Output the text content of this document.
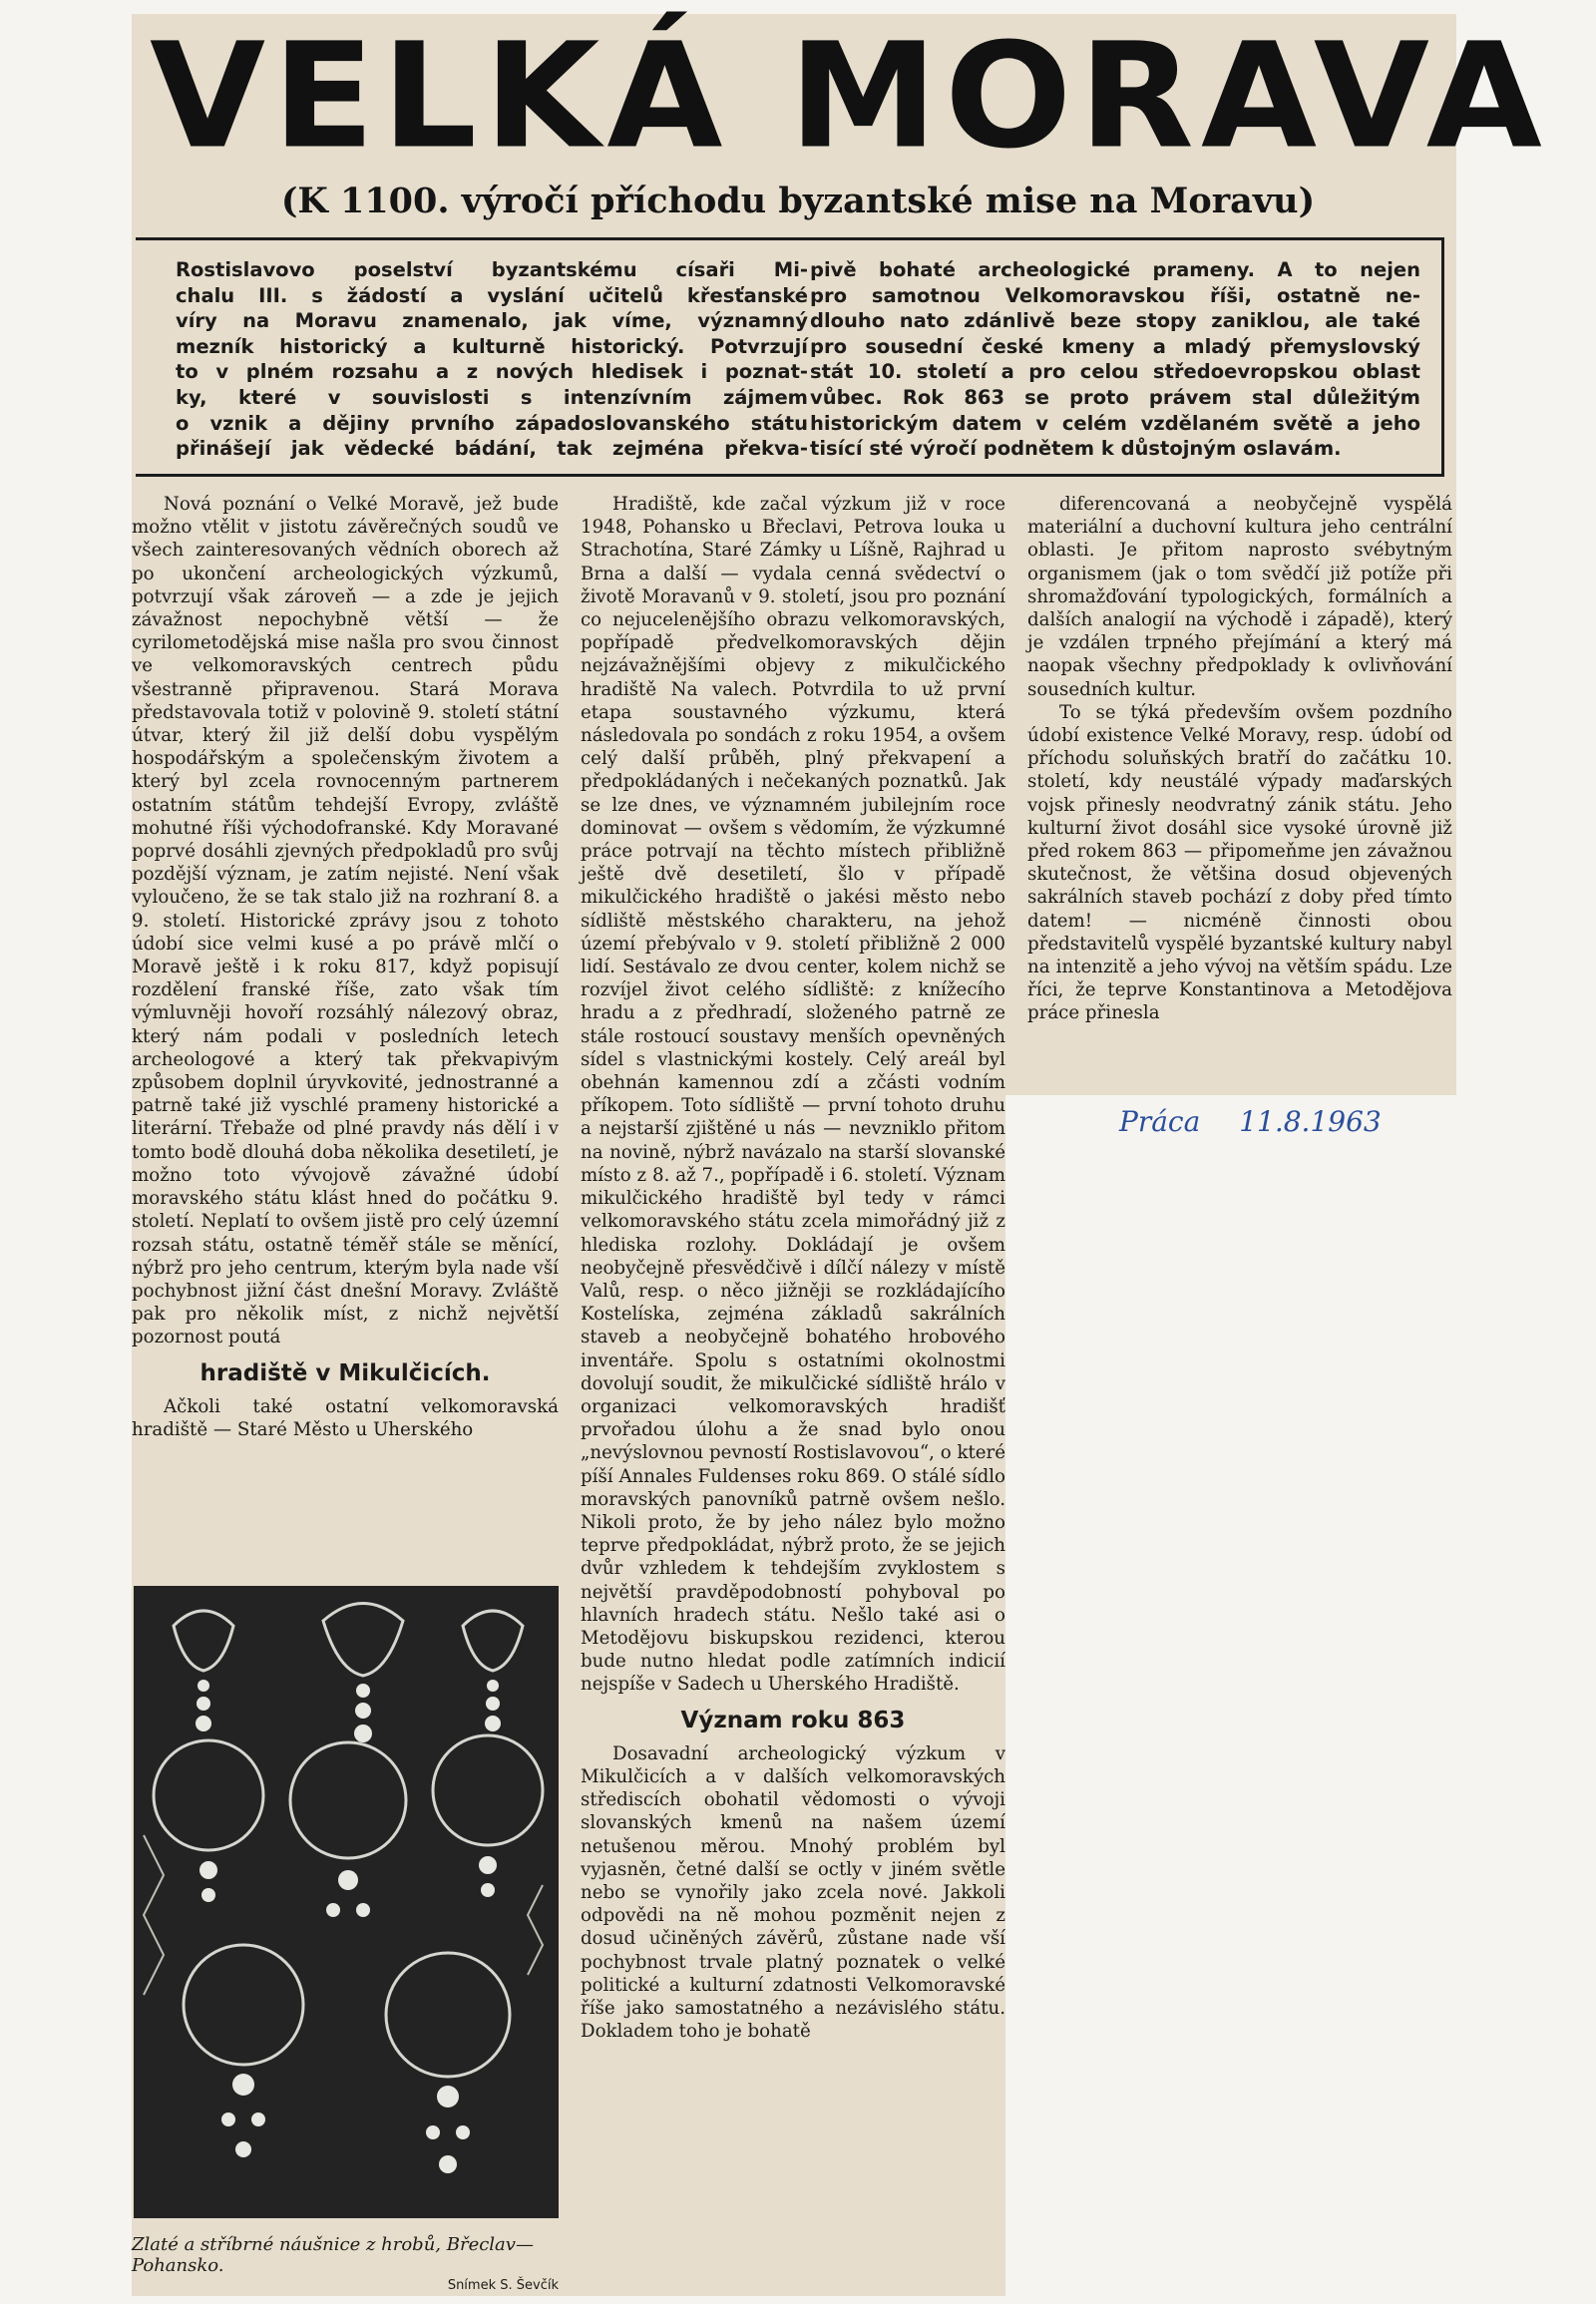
VELKÁ MORAVA
(K 1100. výročí příchodu byzantské mise na Moravu)
Rostislavovo poselství byzantskému císaři Mi-
chalu III. s žádostí a vyslání učitelů křesťanské
víry na Moravu znamenalo, jak víme, významný
mezník historický a kulturně historický. Potvrzují
to v plném rozsahu a z nových hledisek i poznat-
ky, které v souvislosti s intenzívním zájmem
o vznik a dějiny prvního západoslovanského státu
přinášejí jak vědecké bádání, tak zejména překva-
pivě bohaté archeologické prameny. A to nejen
pro samotnou Velkomoravskou říši, ostatně ne-
dlouho nato zdánlivě beze stopy zaniklou, ale také
pro sousední české kmeny a mladý přemyslovský
stát 10. století a pro celou středoevropskou oblast
vůbec. Rok 863 se proto právem stal důležitým
historickým datem v celém vzdělaném světě a jeho
tisící sté výročí podnětem k důstojným oslavám.

Nová poznání o Velké Moravě, jež bude možno vtělit v jistotu závěrečných soudů ve všech zainteresovaných vědních oborech až po ukončení archeologických výzkumů, potvrzují však zároveň — a zde je jejich závažnost nepochybně větší — že cyrilometodějská mise našla pro svou činnost ve velkomoravských centrech půdu všestranně připravenou. Stará Morava představovala totiž v polovině 9. století státní útvar, který žil již delší dobu vyspělým hospodářským a společenským životem a který byl zcela rovnocenným partnerem ostatním státům tehdejší Evropy, zvláště mohutné říši východofranské. Kdy Moravané poprvé dosáhli zjevných předpokladů pro svůj pozdější význam, je zatím nejisté. Není však vyloučeno, že se tak stalo již na rozhraní 8. a 9. století. Historické zprávy jsou z tohoto údobí sice velmi kusé a po právě mlčí o Moravě ještě i k roku 817, když popisují rozdělení franské říše, zato však tím výmluvněji hovoří rozsáhlý nálezový obraz, který nám podali v posledních letech archeologové a který tak překvapivým způsobem doplnil úryvkovité, jednostranné a patrně také již vyschlé prameny historické a literární. Třebaže od plné pravdy nás dělí i v tomto bodě dlouhá doba několika desetiletí, je možno toto vývojově závažné údobí moravského státu klást hned do počátku 9. století. Neplatí to ovšem jistě pro celý územní rozsah státu, ostatně téměř stále se měnící, nýbrž pro jeho centrum, kterým byla nade vší pochybnost jižní část dnešní Moravy. Zvláště pak pro několik míst, z nichž největší pozornost poutá

hradiště v Mikulčicích.

Ačkoli také ostatní velkomoravská hradiště — Staré Město u Uherského

Zlaté a stříbrné náušnice z hrobů, Břeclav—Pohansko.
Snímek S. Ševčík

Hradiště, kde začal výzkum již v roce 1948, Pohansko u Břeclavi, Petrova louka u Strachotína, Staré Zámky u Líšně, Rajhrad u Brna a další — vydala cenná svědectví o životě Moravanů v 9. století, jsou pro poznání co nejucelenějšího obrazu velkomoravských, popřípadě předvelkomoravských dějin nejzávažnějšími objevy z mikulčického hradiště Na valech. Potvrdila to už první etapa soustavného výzkumu, která následovala po sondách z roku 1954, a ovšem celý další průběh, plný překvapení a předpokládaných i nečekaných poznatků. Jak se lze dnes, ve významném jubilejním roce dominovat — ovšem s vědomím, že výzkumné práce potrvají na těchto místech přibližně ještě dvě desetiletí, šlo v případě mikulčického hradiště o jakési město nebo sídliště městského charakteru, na jehož území přebývalo v 9. století přibližně 2 000 lidí. Sestávalo ze dvou center, kolem nichž se rozvíjel život celého sídliště: z knížecího hradu a z předhradí, složeného patrně ze stále rostoucí soustavy menších opevněných sídel s vlastnickými kostely. Celý areál byl obehnán kamennou zdí a zčásti vodním příkopem. Toto sídliště — první tohoto druhu a nejstarší zjištěné u nás — nevzniklo přitom na novině, nýbrž navázalo na starší slovanské místo z 8. až 7., popřípadě i 6. století. Význam mikulčického hradiště byl tedy v rámci velkomoravského státu zcela mimořádný již z hlediska rozlohy. Dokládají je ovšem neobyčejně přesvědčivě i dílčí nálezy v místě Valů, resp. o něco jižněji se rozkládajícího Kostelíska, zejména základů sakrálních staveb a neobyčejně bohatého hrobového inventáře. Spolu s ostatními okolnostmi dovolují soudit, že mikulčické sídliště hrálo v organizaci velkomoravských hradišť prvořadou úlohu a že snad bylo onou „nevýslovnou pevností Rostislavovou“, o které píší Annales Fuldenses roku 869. O stálé sídlo moravských panovníků patrně ovšem nešlo. Nikoli proto, že by jeho nález bylo možno teprve předpokládat, nýbrž proto, že se jejich dvůr vzhledem k tehdejším zvyklostem s největší pravděpodobností pohyboval po hlavních hradech státu. Nešlo také asi o Metodějovu biskupskou rezidenci, kterou bude nutno hledat podle zatímních indicií nejspíše v Sadech u Uherského Hradiště.

Význam roku 863

Dosavadní archeologický výzkum v Mikulčicích a v dalších velkomoravských střediscích obohatil vědomosti o vývoji slovanských kmenů na našem území netušenou měrou. Mnohý problém byl vyjasněn, četné další se octly v jiném světle nebo se vynořily jako zcela nové. Jakkoli odpovědi na ně mohou pozměnit nejen z dosud učiněných závěrů, zůstane nade vší pochybnost trvale platný poznatek o velké politické a kulturní zdatnosti Velkomoravské říše jako samostatného a nezávislého státu. Dokladem toho je bohatě

diferencovaná a neobyčejně vyspělá materiální a duchovní kultura jeho centrální oblasti. Je přitom naprosto svébytným organismem (jak o tom svědčí již potíže při shromažďování typologických, formálních a dalších analogií na východě i západě), který je vzdálen trpného přejímání a který má naopak všechny předpoklady k ovlivňování sousedních kultur.

To se týká především ovšem pozdního údobí existence Velké Moravy, resp. údobí od příchodu soluňských bratří do začátku 10. století, kdy neustálé výpady maďarských vojsk přinesly neodvratný zánik státu. Jeho kulturní život dosáhl sice vysoké úrovně již před rokem 863 — připomeňme jen závažnou skutečnost, že většina dosud objevených sakrálních staveb pochází z doby před tímto datem! — nicméně činnosti obou představitelů vyspělé byzantské kultury nabyl na intenzitě a jeho vývoj na větším spádu. Lze říci, že teprve Konstantinova a Metodějova práce přinesla

Práca 11.8.1963
